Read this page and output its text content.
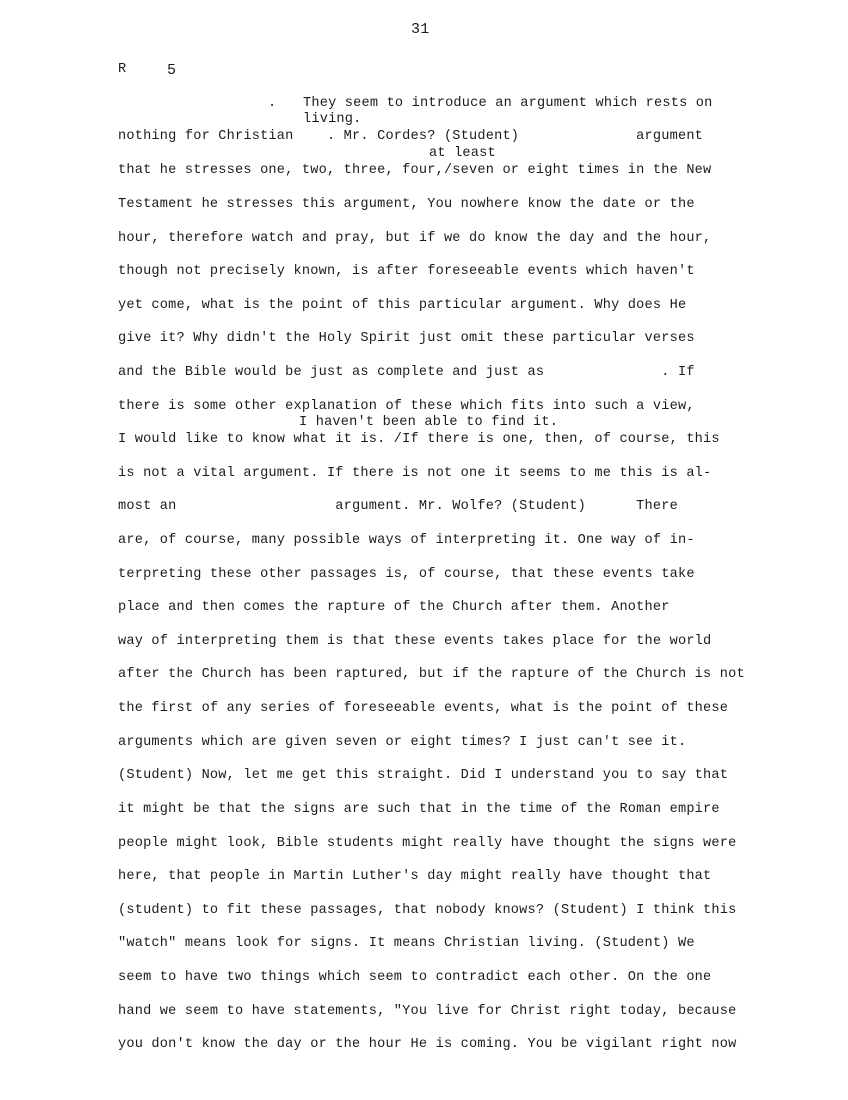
31
R	5
. They seem to introduce an argument which rests on
living.
nothing for Christian    . Mr. Cordes? (Student)              argument
at least
that he stresses one, two, three, four,/seven or eight times in the New
Testament he stresses this argument, You nowhere know the date or the
hour, therefore watch and pray, but if we do know the day and the hour,
though not precisely known, is after foreseeable events which haven't
yet come, what is the point of this particular argument. Why does He
give it? Why didn't the Holy Spirit just omit these particular verses
and the Bible would be just as complete and just as              . If
there is some other explanation of these which fits into such a view,
I haven't been able to find it.
I would like to know what it is. /If there is one, then, of course, this
is not a vital argument. If there is not one it seems to me this is al-
most an                   argument. Mr. Wolfe? (Student)      There
are, of course, many possible ways of interpreting it. One way of in-
terpreting these other passages is, of course, that these events take
place and then comes the rapture of the Church after them. Another
way of interpreting them is that these events takes place for the world
after the Church has been raptured, but if the rapture of the Church is not
the first of any series of foreseeable events, what is the point of these
arguments which are given seven or eight times? I just can't see it.
(Student) Now, let me get this straight. Did I understand you to say that
it might be that the signs are such that in the time of the Roman empire
people might look, Bible students might really have thought the signs were
here, that people in Martin Luther's day might really have thought that
(student) to fit these passages, that nobody knows? (Student) I think this
"watch" means look for signs. It means Christian living. (Student) We
seem to have two things which seem to contradict each other. On the one
hand we seem to have statements, "You live for Christ right today, because
you don't know the day or the hour He is coming. You be vigilant right now
